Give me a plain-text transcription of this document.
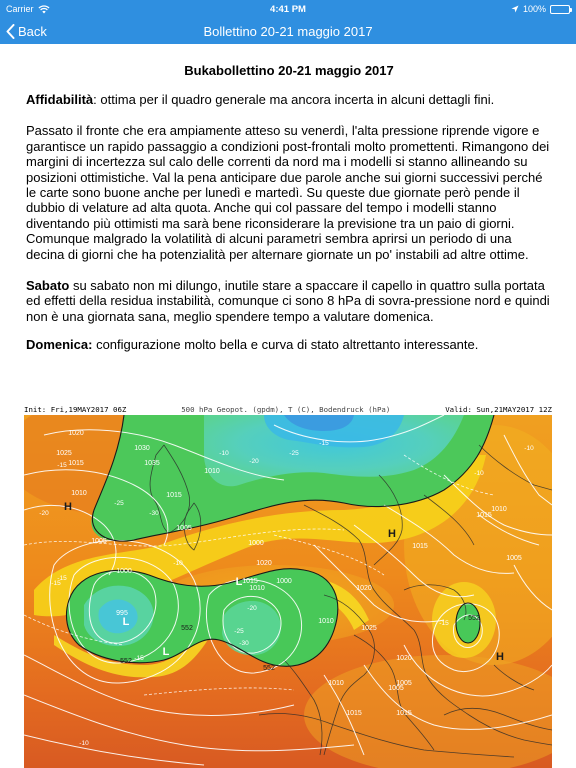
Carrier	4:41 PM	100%
Back	Bollettino 20-21 maggio 2017
Bukabollettino 20-21 maggio 2017

Affidabilità: ottima per il quadro generale ma ancora incerta in alcuni dettagli fini.

Passato il fronte che era ampiamente atteso su venerdì, l'alta pressione riprende vigore e garantisce un rapido passaggio a condizioni post-frontali molto promettenti. Rimangono dei margini di incertezza sul calo delle correnti da nord ma i modelli si stanno allineando su posizioni ottimistiche. Val la pena anticipare due parole anche sui giorni successivi perché le carte sono buone anche per lunedì e martedì. Su queste due giornate però pende il dubbio di velature ad alta quota. Anche qui col passare del tempo i modelli stanno diventando più ottimisti ma sarà bene riconsiderare la previsione tra un paio di giorni. Comunque malgrado la volatilità di alcuni parametri sembra aprirsi un periodo di una decina di giorni che ha potenzialità per alternare giornate un po' instabili ad altre ottime.

Sabato su sabato non mi dilungo, inutile stare a spaccare il capello in quattro sulla portata ed effetti della residua instabilità, comunque ci sono 8 hPa di sovra-pressione nord e quindi non è una giornata sana, meglio spendere tempo a valutare domenica.

Domenica: configurazione molto bella e curva di stato altrettanto interessante.

Init: Fri,19MAY2017 06Z	500 hPa Geopot. (gpdm), T (C), Bodendruck (hPa)	Valid: Sun,21MAY2017 12Z
1020
1015
1010
1005
1000
995
1025
1030
1035
1015
1010
1005
1000
1020
1015
1010
1025
1020
1015
1010
1005
1015
1010
1005
1020
1015
1010
1005
1000
1015
552
552
552
552
-15
-20
-25
-30
-10
-20
-25
-15
-15
-10
-15
-20
-25
-30
-15
-10
-15
-10
-10
H
L
L
L
H
H
